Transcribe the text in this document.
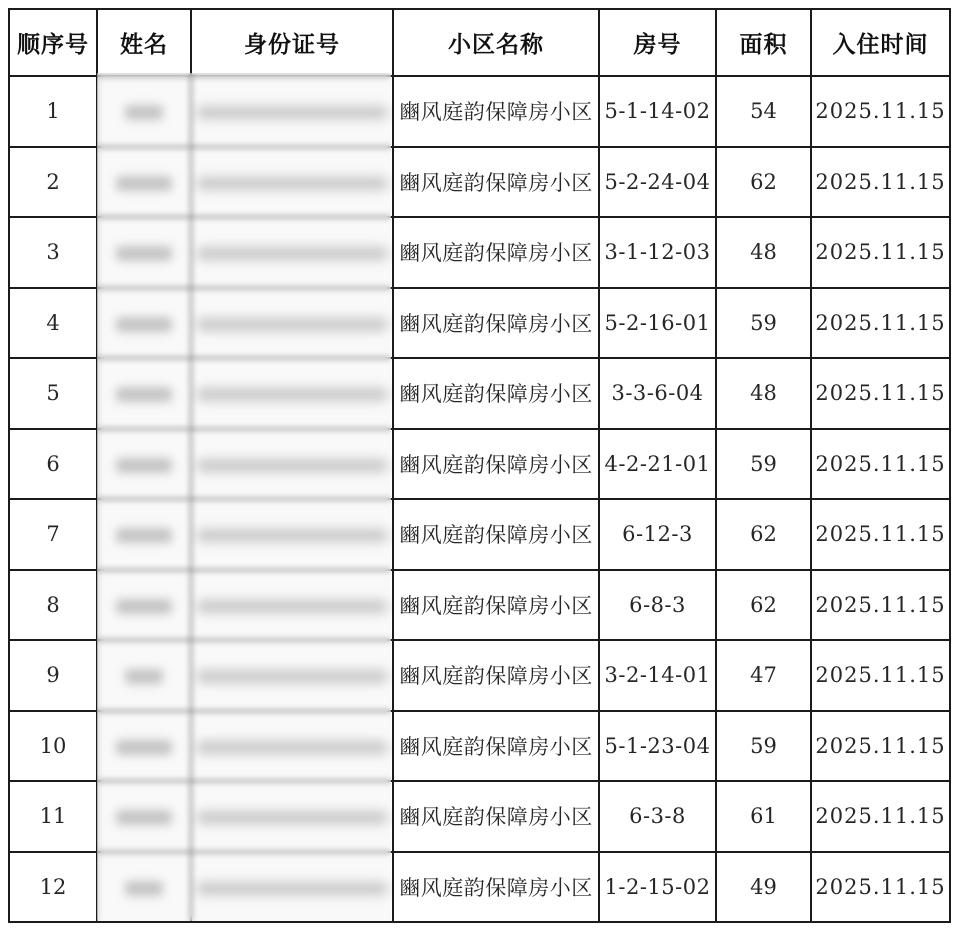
顺序号	姓名	身份证号	小区名称	房号	面积	入住时间
1			豳风庭韵保障房小区	5-1-14-02	54	2025.11.15
2			豳风庭韵保障房小区	5-2-24-04	62	2025.11.15
3			豳风庭韵保障房小区	3-1-12-03	48	2025.11.15
4			豳风庭韵保障房小区	5-2-16-01	59	2025.11.15
5			豳风庭韵保障房小区	3-3-6-04	48	2025.11.15
6			豳风庭韵保障房小区	4-2-21-01	59	2025.11.15
7			豳风庭韵保障房小区	6-12-3	62	2025.11.15
8			豳风庭韵保障房小区	6-8-3	62	2025.11.15
9			豳风庭韵保障房小区	3-2-14-01	47	2025.11.15
10			豳风庭韵保障房小区	5-1-23-04	59	2025.11.15
11			豳风庭韵保障房小区	6-3-8	61	2025.11.15
12			豳风庭韵保障房小区	1-2-15-02	49	2025.11.15
